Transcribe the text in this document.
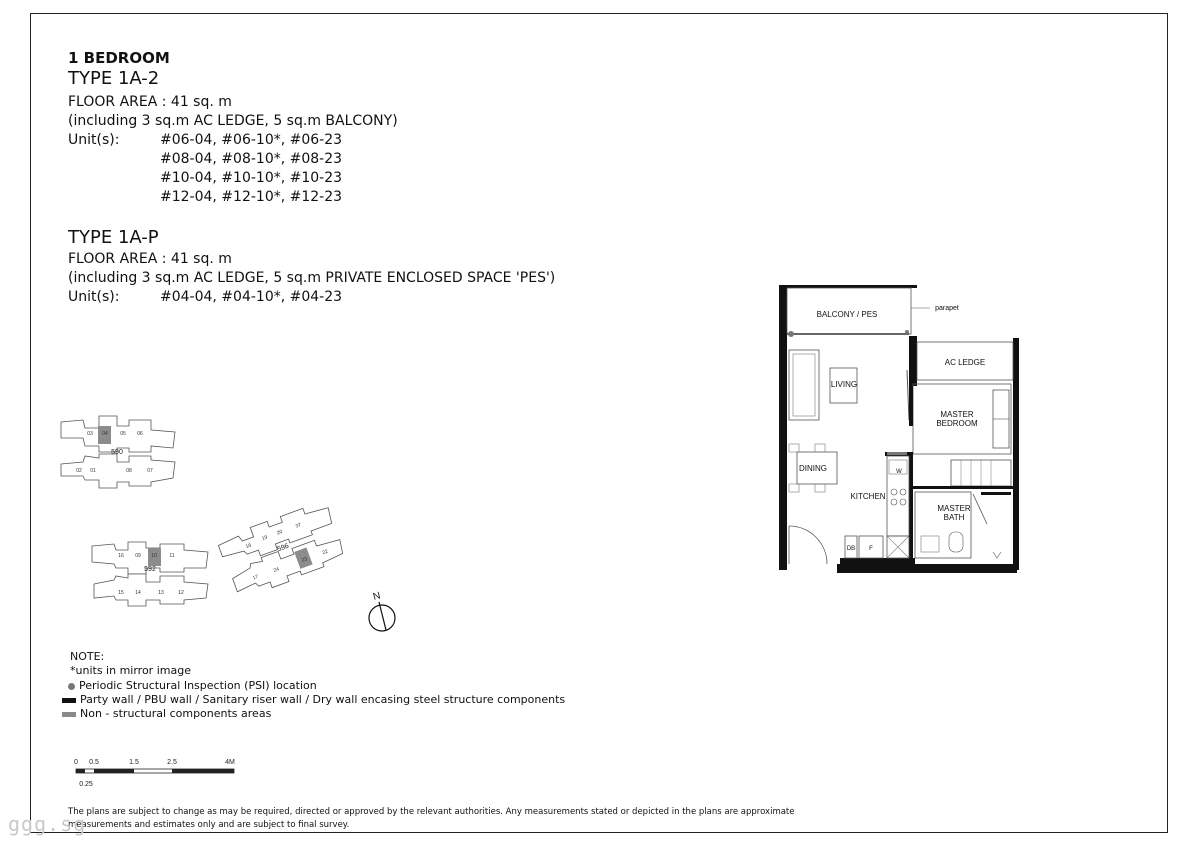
1 BEDROOM
TYPE 1A-2
FLOOR AREA : 41 sq. m
(including 3 sq.m AC LEDGE, 5 sq.m BALCONY)
Unit(s):	#06-04, #06-10*, #06-23
#08-04, #08-10*, #08-23
#10-04, #10-10*, #10-23
#12-04, #12-10*, #12-23
TYPE 1A-P
FLOOR AREA : 41 sq. m
(including 3 sq.m AC LEDGE, 5 sq.m PRIVATE ENCLOSED SPACE 'PES')
Unit(s):	#04-04, #04-10*, #04-23
03 04 05 06
02 01	08	07
590
16 09 10	11
15 14	13	12
592
18
19
20
37
17
24
23
22
596
N
BALCONY / PES
parapet
AC LEDGE
LIVING
MASTER
BEDROOM
DINING
KITCHEN
MASTER
BATH
W
DB F
NOTE:
*units in mirror image
Periodic Structural Inspection (PSI) location
Party wall / PBU wall / Sanitary riser wall / Dry wall encasing steel structure components
Non - structural components areas
0 0.5	1.5	2.5	4M
0.25
The plans are subject to change as may be required, directed or approved by the relevant authorities. Any measurements stated or depicted in the plans are approximate measurements and estimates only and are subject to final survey.
ggg.sg
